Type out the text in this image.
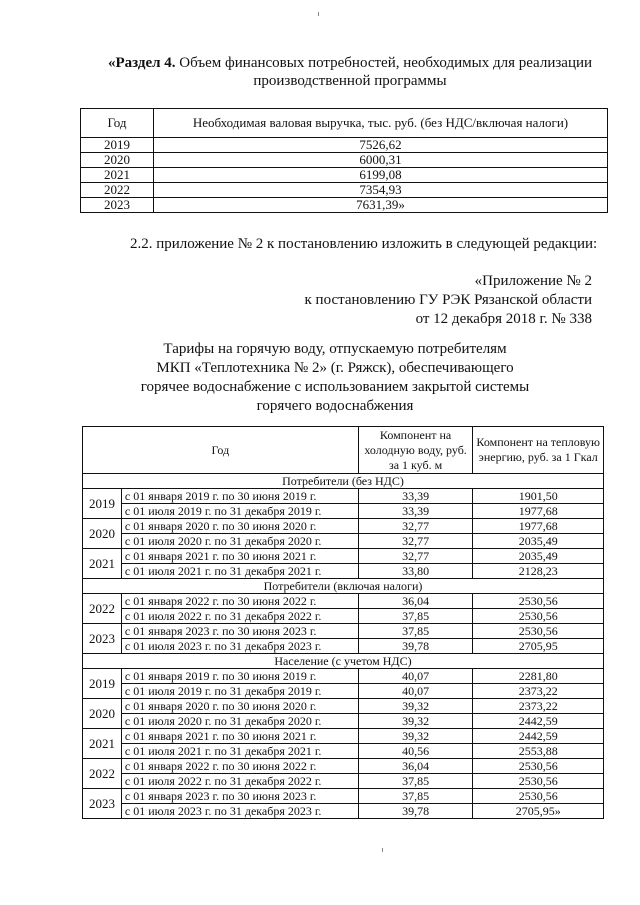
«Раздел 4. Объем финансовых потребностей, необходимых для реализации
производственной программы
Год	Необходимая валовая выручка, тыс. руб. (без НДС/включая налоги)
2019	7526,62
2020	6000,31
2021	6199,08
2022	7354,93
2023	7631,39»
2.2. приложение № 2 к постановлению изложить в следующей редакции:
«Приложение № 2
к постановлению ГУ РЭК Рязанской области
от 12 декабря 2018 г. № 338
Тарифы на горячую воду, отпускаемую потребителям
МКП «Теплотехника № 2» (г. Ряжск), обеспечивающего
горячее водоснабжение с использованием закрытой системы
горячего водоснабжения
Год		Компонент на холодную воду, руб. за 1 куб. м	Компонент на тепловую энергию, руб. за 1 Гкал
Потребители (без НДС)			
2019	с 01 января 2019 г. по 30 июня 2019 г.	33,39	1901,50
	с 01 июля 2019 г. по 31 декабря 2019 г.	33,39	1977,68
2020	с 01 января 2020 г. по 30 июня 2020 г.	32,77	1977,68
	с 01 июля 2020 г. по 31 декабря 2020 г.	32,77	2035,49
2021	с 01 января 2021 г. по 30 июня 2021 г.	32,77	2035,49
	с 01 июля 2021 г. по 31 декабря 2021 г.	33,80	2128,23
Потребители (включая налоги)			
2022	с 01 января 2022 г. по 30 июня 2022 г.	36,04	2530,56
	с 01 июля 2022 г. по 31 декабря 2022 г.	37,85	2530,56
2023	с 01 января 2023 г. по 30 июня 2023 г.	37,85	2530,56
	с 01 июля 2023 г. по 31 декабря 2023 г.	39,78	2705,95
Население (с учетом НДС)			
2019	с 01 января 2019 г. по 30 июня 2019 г.	40,07	2281,80
	с 01 июля 2019 г. по 31 декабря 2019 г.	40,07	2373,22
2020	с 01 января 2020 г. по 30 июня 2020 г.	39,32	2373,22
	с 01 июля 2020 г. по 31 декабря 2020 г.	39,32	2442,59
2021	с 01 января 2021 г. по 30 июня 2021 г.	39,32	2442,59
	с 01 июля 2021 г. по 31 декабря 2021 г.	40,56	2553,88
2022	с 01 января 2022 г. по 30 июня 2022 г.	36,04	2530,56
	с 01 июля 2022 г. по 31 декабря 2022 г.	37,85	2530,56
2023	с 01 января 2023 г. по 30 июня 2023 г.	37,85	2530,56
	с 01 июля 2023 г. по 31 декабря 2023 г.	39,78	2705,95»
